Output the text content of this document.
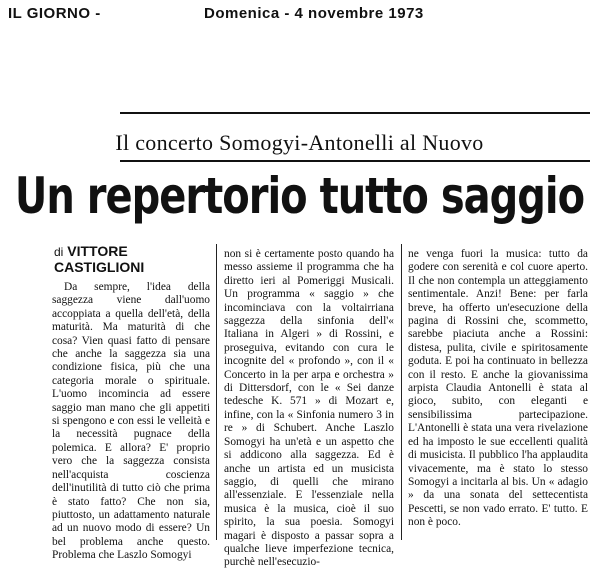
IL GIORNO -	Domenica - 4 novembre 1973
Il concerto Somogyi-Antonelli al Nuovo
Un repertorio tutto saggio
di VITTORE
CASTIGLIONI

Da sempre, l'idea della saggezza viene dall'uomo accoppiata a quella dell'età, della maturità. Ma maturità di che cosa? Vien quasi fatto di pensare che anche la saggezza sia una condizione fisica, più che una categoria morale o spirituale. L'uomo incomincia ad essere saggio man mano che gli appetiti si spengono e con essi le velleità e la necessità pugnace della polemica. E allora? E' proprio vero che la saggezza consista nell'acquista coscienza dell'inutilità di tutto ciò che prima è stato fatto? Che non sia, piuttosto, un adattamento naturale ad un nuovo modo di essere? Un bel problema anche questo. Problema che Laszlo Somogyi

non si è certamente posto quando ha messo assieme il programma che ha diretto ieri al Pomeriggi Musicali. Un programma « saggio » che incominciava con la voltairriana saggezza della sinfonia dell'« Italiana in Algeri » di Rossini, e proseguiva, evitando con cura le incognite del « profondo », con il « Concerto in la per arpa e orchestra » di Dittersdorf, con le « Sei danze tedesche K. 571 » di Mozart e, infine, con la « Sinfonia numero 3 in re » di Schubert. Anche Laszlo Somogyi ha un'età e un aspetto che si addicono alla saggezza. Ed è anche un artista ed un musicista saggio, di quelli che mirano all'essenziale. E l'essenziale nella musica è la musica, cioè il suo spirito, la sua poesia. Somogyi magari è disposto a passar sopra a qualche lieve imperfezione tecnica, purchè nell'esecuzio-

ne venga fuori la musica: tutto da godere con serenità e col cuore aperto. Il che non contempla un atteggiamento sentimentale. Anzi! Bene: per farla breve, ha offerto un'esecuzione della pagina di Rossini che, scommetto, sarebbe piaciuta anche a Rossini: distesa, pulita, civile e spiritosamente goduta. E poi ha continuato in bellezza con il resto. E anche la giovanissima arpista Claudia Antonelli è stata al gioco, subito, con eleganti e sensibilissima partecipazione. L'Antonelli è stata una vera rivelazione ed ha imposto le sue eccellenti qualità di musicista. Il pubblico l'ha applaudita vivacemente, ma è stato lo stesso Somogyi a incitarla al bis. Un « adagio » da una sonata del settecentista Pescetti, se non vado errato. E' tutto. E non è poco.
